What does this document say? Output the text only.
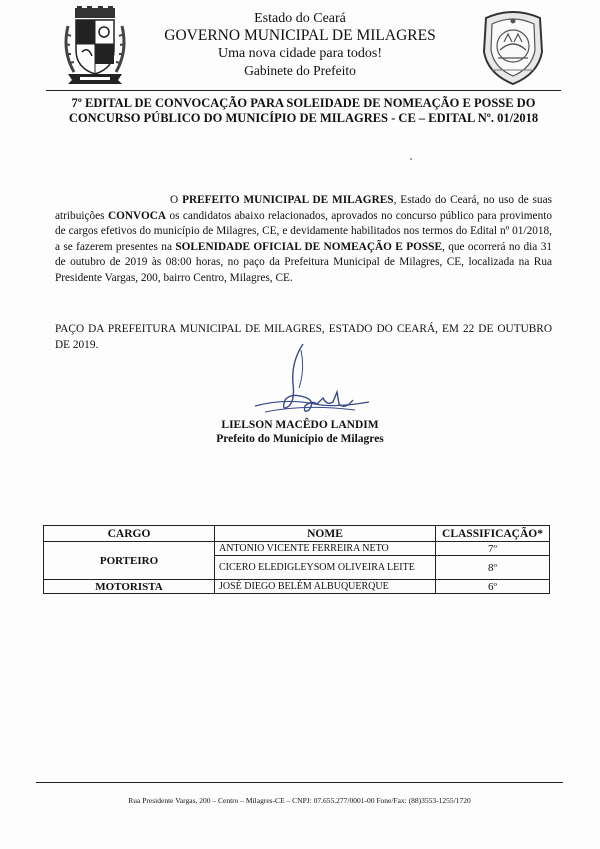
Estado do Ceará
GOVERNO MUNICIPAL DE MILAGRES
Uma nova cidade para todos!
Gabinete do Prefeito
7º EDITAL DE CONVOCAÇÃO PARA SOLEIDADE DE NOMEAÇÃO E POSSE DO
CONCURSO PÚBLICO DO MUNICÍPIO DE MILAGRES - CE – EDITAL Nº. 01/2018

O PREFEITO MUNICIPAL DE MILAGRES, Estado do Ceará, no uso de suas atribuições CONVOCA os candidatos abaixo relacionados, aprovados no concurso público para provimento de cargos efetivos do município de Milagres, CE, e devidamente habilitados nos termos do Edital nº 01/2018, a se fazerem presentes na SOLENIDADE OFICIAL DE NOMEAÇÃO E POSSE, que ocorrerá no dia 31 de outubro de 2019 às 08:00 horas, no paço da Prefeitura Municipal de Milagres, CE, localizada na Rua Presidente Vargas, 200, bairro Centro, Milagres, CE.

PAÇO DA PREFEITURA MUNICIPAL DE MILAGRES, ESTADO DO CEARÁ, EM 22 DE OUTUBRO DE 2019.

LIELSON MACÊDO LANDIM
Prefeito do Município de Milagres
CARGO	NOME	CLASSIFICAÇÃO*
PORTEIRO	ANTONIO VICENTE FERREIRA NETO	7º
	CICERO ELEDIGLEYSOM OLIVEIRA LEITE	8º
MOTORISTA	JOSÉ DIEGO BELÉM ALBUQUERQUE	6º
Rua Presidente Vargas, 200 – Centro – Milagres-CE – CNPJ: 07.655.277/0001-00 Fone/Fax: (88)3553-1255/1720
